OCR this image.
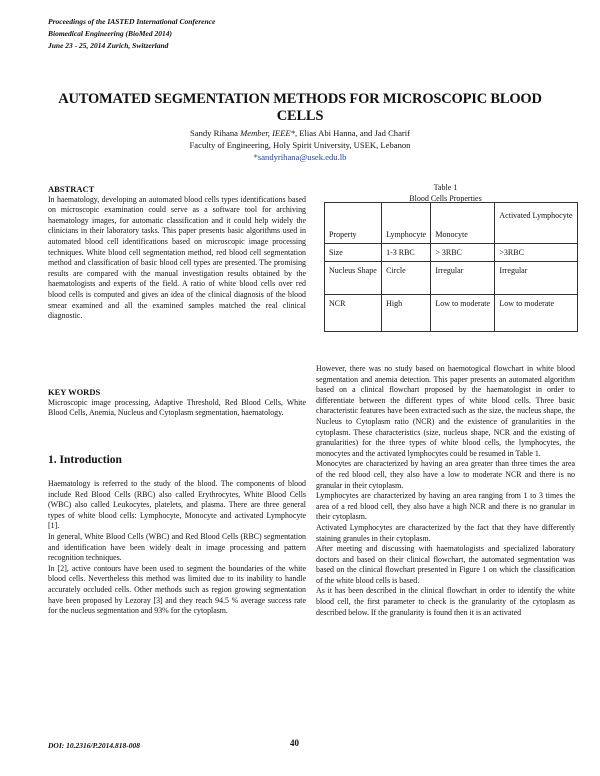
Proceedings of the IASTED International Conference
Biomedical Engineering (BioMed 2014)
June 23 - 25, 2014 Zurich, Switzerland
AUTOMATED SEGMENTATION METHODS FOR MICROSCOPIC BLOOD
CELLS
Sandy Rihana Member, IEEE*, Elias Abi Hanna, and Jad Charif
Faculty of Engineering, Holy Spirit University, USEK, Lebanon
*sandyrihana@usek.edu.lb
ABSTRACT

In haematology, developing an automated blood cells types identifications based on microscopic examination could serve as a software tool for archiving haematology images, for automatic classification and it could help widely the clinicians in their laboratory tasks. This paper presents basic algorithms used in automated blood cell identifications based on microscopic image processing techniques. White blood cell segmentation method, red blood cell segmentation method and classification of basic blood cell types are presented. The promising results are compared with the manual investigation results obtained by the haematologists and experts of the field. A ratio of white blood cells over red blood cells is computed and gives an idea of the clinical diagnosis of the blood smear examined and all the examined samples matched the real clinical diagnostic.

KEY WORDS

Microscopic image processing, Adaptive Threshold, Red Blood Cells, White Blood Cells, Anemia, Nucleus and Cytoplasm segmentation, haematology.

1. Introduction

Haematology is referred to the study of the blood. The components of blood include Red Blood Cells (RBC) also called Erythrocytes, White Blood Cells (WBC) also called Leukocytes, platelets, and plasma. There are three general types of white blood cells: Lymphocyte, Monocyte and activated Lymphocyte [1].

In general, White Blood Cells (WBC) and Red Blood Cells (RBC) segmentation and identification have been widely dealt in image processing and pattern recognition techniques.

In [2], active contours have been used to segment the boundaries of the white blood cells. Nevertheless this method was limited due to its inability to handle accurately occluded cells. Other methods such as region growing segmentation have been proposed by Lezoray [3] and they reach 94.5 % average success rate for the nucleus segmentation and 93% for the cytoplasm.

Table 1
Blood Cells Properties
Property	Lymphocyte	Monocyte	Activated Lymphocyte
Size	1-3 RBC	> 3RBC	>3RBC
Nucleus Shape	Circle	Irregular	Irregular
NCR	High	Low to moderate	Low to moderate

However, there was no study based on haemotogical flowchart in white blood segmentation and anemia detection. This paper presents an automated algorithm based on a clinical flowchart proposed by the haematologist in order to differentiate between the different types of white blood cells. Three basic characteristic features have been extracted such as the size, the nucleus shape, the Nucleus to Cytoplasm ratio (NCR) and the existence of granularities in the cytoplasm. These characteristics (size, nucleus shape, NCR and the existing of granularities) for the three types of white blood cells, the lymphocytes, the monocytes and the activated lymphocytes could be resumed in Table 1.

Monocytes are characterized by having an area greater than three times the area of the red blood cell, they also have a low to moderate NCR and there is no granular in their cytoplasm.

Lymphocytes are characterized by having an area ranging from 1 to 3 times the area of a red blood cell, they also have a high NCR and there is no granular in their cytoplasm.

Activated Lymphocytes are characterized by the fact that they have differently staining granules in their cytoplasm.

After meeting and discussing with haematologists and specialized laboratory doctors and based on their clinical flowchart, the automated segmentation was based on the clinical flowchart presented in Figure 1 on which the classification of the white blood cells is based.

As it has been described in the clinical flowchart in order to identify the white blood cell, the first parameter to check is the granularity of the cytoplasm as described below. If the granularity is found then it is an activated

DOI: 10.2316/P.2014.818-008	40
